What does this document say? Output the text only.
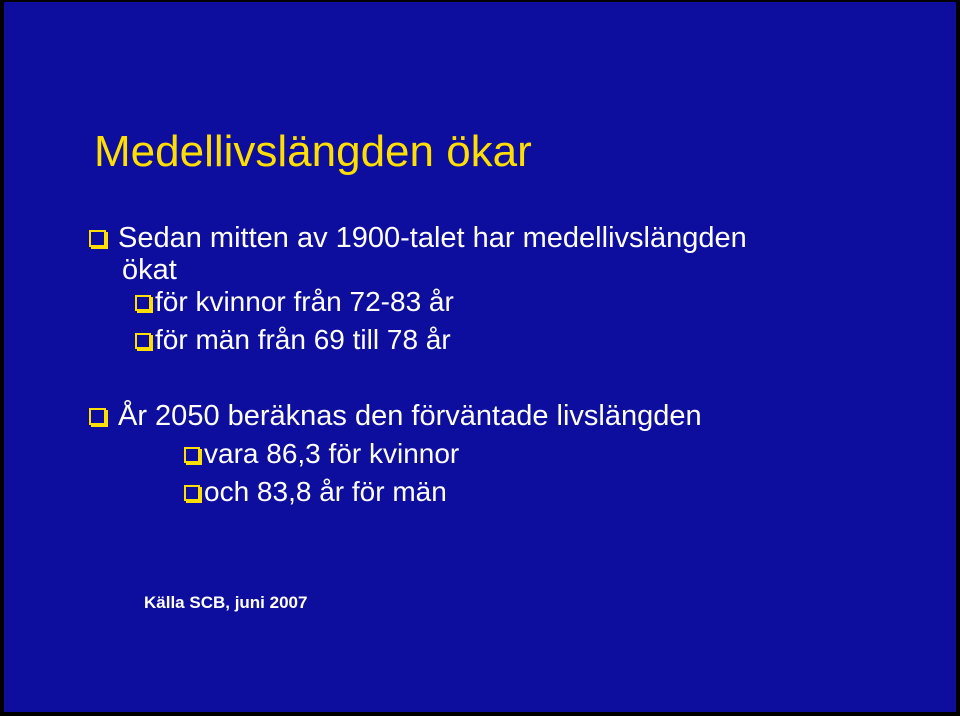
Medellivslängden ökar
Sedan mitten av 1900-talet har medellivslängden
ökat
för kvinnor från 72-83 år
för män från 69 till 78 år
År 2050 beräknas den förväntade livslängden
vara 86,3 för kvinnor
och 83,8 år för män
Källa SCB, juni 2007
